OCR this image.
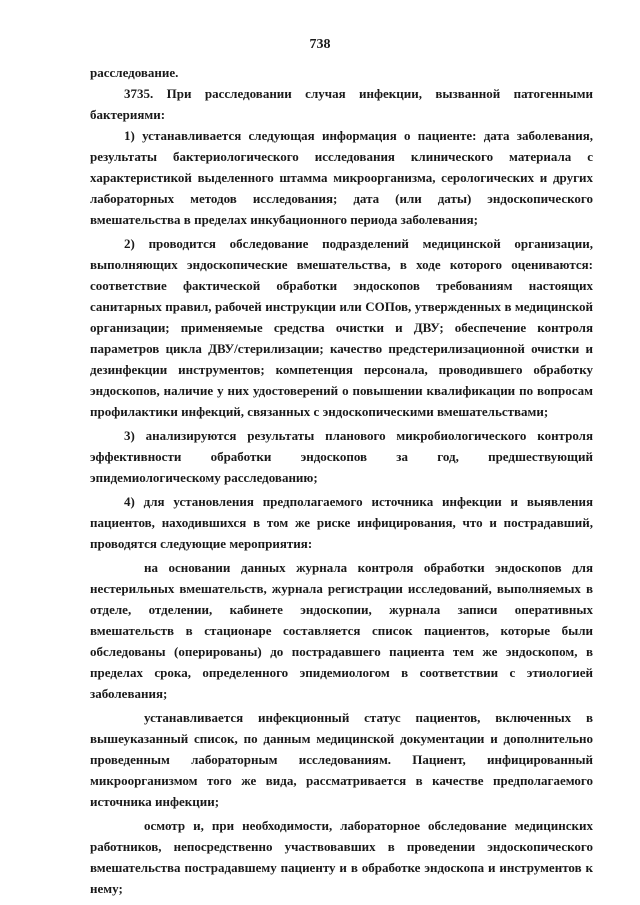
738

расследование.

3735. При расследовании случая инфекции, вызванной патогенными бактериями:

1) устанавливается следующая информация о пациенте: дата заболевания, результаты бактериологического исследования клинического материала с характеристикой выделенного штамма микроорганизма, серологических и других лабораторных методов исследования; дата (или даты) эндоскопического вмешательства в пределах инкубационного периода заболевания;

2) проводится обследование подразделений медицинской организации, выполняющих эндоскопические вмешательства, в ходе которого оцениваются: соответствие фактической обработки эндоскопов требованиям настоящих санитарных правил, рабочей инструкции или СОПов, утвержденных в медицинской организации; применяемые средства очистки и ДВУ; обеспечение контроля параметров цикла ДВУ/стерилизации; качество предстерилизационной очистки и дезинфекции инструментов; компетенция персонала, проводившего обработку эндоскопов, наличие у них удостоверений о повышении квалификации по вопросам профилактики инфекций, связанных с эндоскопическими вмешательствами;

3) анализируются результаты планового микробиологического контроля эффективности обработки эндоскопов за год, предшествующий эпидемиологическому расследованию;

4) для установления предполагаемого источника инфекции и выявления пациентов, находившихся в том же риске инфицирования, что и пострадавший, проводятся следующие мероприятия:

на основании данных журнала контроля обработки эндоскопов для нестерильных вмешательств, журнала регистрации исследований, выполняемых в отделе, отделении, кабинете эндоскопии, журнала записи оперативных вмешательств в стационаре составляется список пациентов, которые были обследованы (оперированы) до пострадавшего пациента тем же эндоскопом, в пределах срока, определенного эпидемиологом в соответствии с этиологией заболевания;

устанавливается инфекционный статус пациентов, включенных в вышеуказанный список, по данным медицинской документации и дополнительно проведенным лабораторным исследованиям. Пациент, инфицированный микроорганизмом того же вида, рассматривается в качестве предполагаемого источника инфекции;

осмотр и, при необходимости, лабораторное обследование медицинских работников, непосредственно участвовавших в проведении эндоскопического вмешательства пострадавшему пациенту и в обработке эндоскопа и инструментов к нему;
